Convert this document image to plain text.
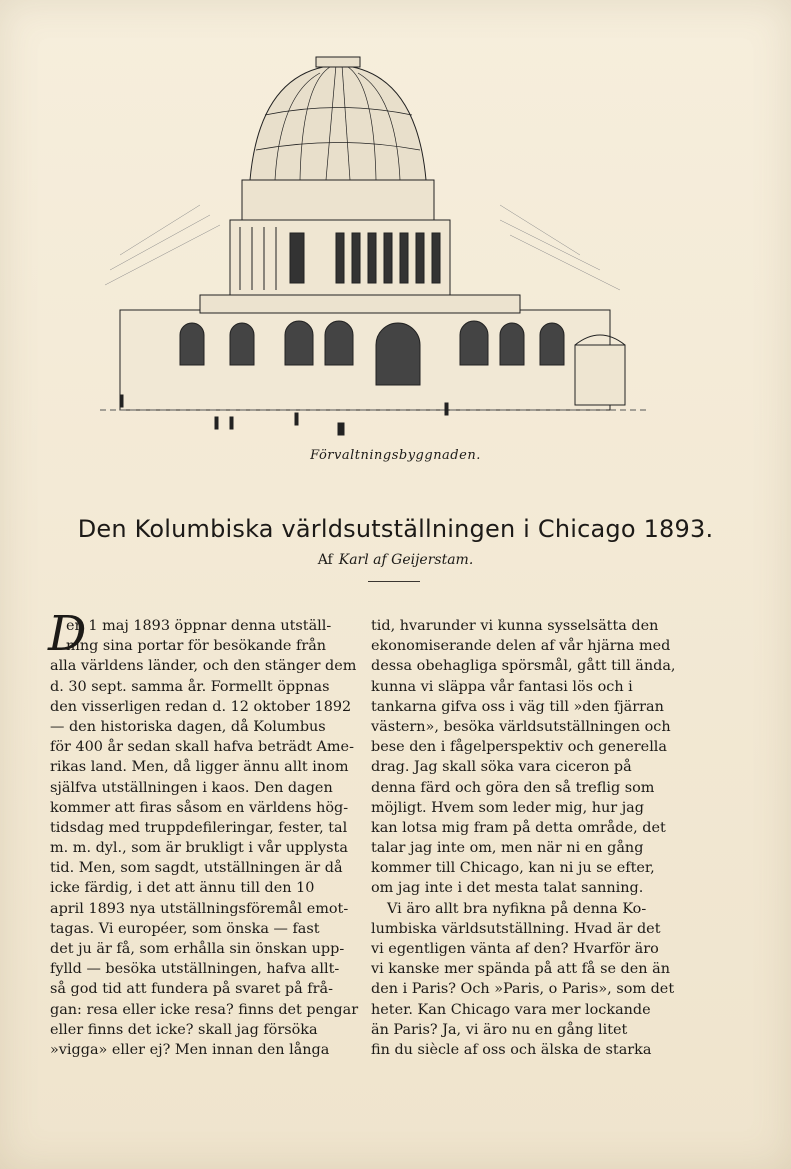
Förvaltningsbyggnaden.
Den Kolumbiska världsutställningen i Chicago 1893.
Af Karl af Geijerstam.
D
en 1 maj 1893 öppnar denna utställ-
ning sina portar för besökande från
alla världens länder, och den stänger dem
d. 30 sept. samma år. Formellt öppnas
den visserligen redan d. 12 oktober 1892
— den historiska dagen, då Kolumbus
för 400 år sedan skall hafva beträdt Ame-
rikas land. Men, då ligger ännu allt inom
själfva utställningen i kaos. Den dagen
kommer att firas såsom en världens hög-
tidsdag med truppdefileringar, fester, tal
m. m. dyl., som är brukligt i vår upplysta
tid. Men, som sagdt, utställningen är då
icke färdig, i det att ännu till den 10
april 1893 nya utställningsföremål emot-
tagas. Vi européer, som önska — fast
det ju är få, som erhålla sin önskan upp-
fylld — besöka utställningen, hafva allt-
så god tid att fundera på svaret på frå-
gan: resa eller icke resa? finns det pengar
eller finns det icke? skall jag försöka
»vigga» eller ej? Men innan den långa
tid, hvarunder vi kunna sysselsätta den
ekonomiserande delen af vår hjärna med
dessa obehagliga spörsmål, gått till ända,
kunna vi släppa vår fantasi lös och i
tankarna gifva oss i väg till »den fjärran
västern», besöka världsutställningen och
bese den i fågelperspektiv och generella
drag. Jag skall söka vara ciceron på
denna färd och göra den så treflig som
möjligt. Hvem som leder mig, hur jag
kan lotsa mig fram på detta område, det
talar jag inte om, men när ni en gång
kommer till Chicago, kan ni ju se efter,
om jag inte i det mesta talat sanning.
Vi äro allt bra nyfikna på denna Ko-
lumbiska världsutställning. Hvad är det
vi egentligen vänta af den? Hvarför äro
vi kanske mer spända på att få se den än
den i Paris? Och »Paris, o Paris», som det
heter. Kan Chicago vara mer lockande
än Paris? Ja, vi äro nu en gång litet
fin du siècle af oss och älska de starka
